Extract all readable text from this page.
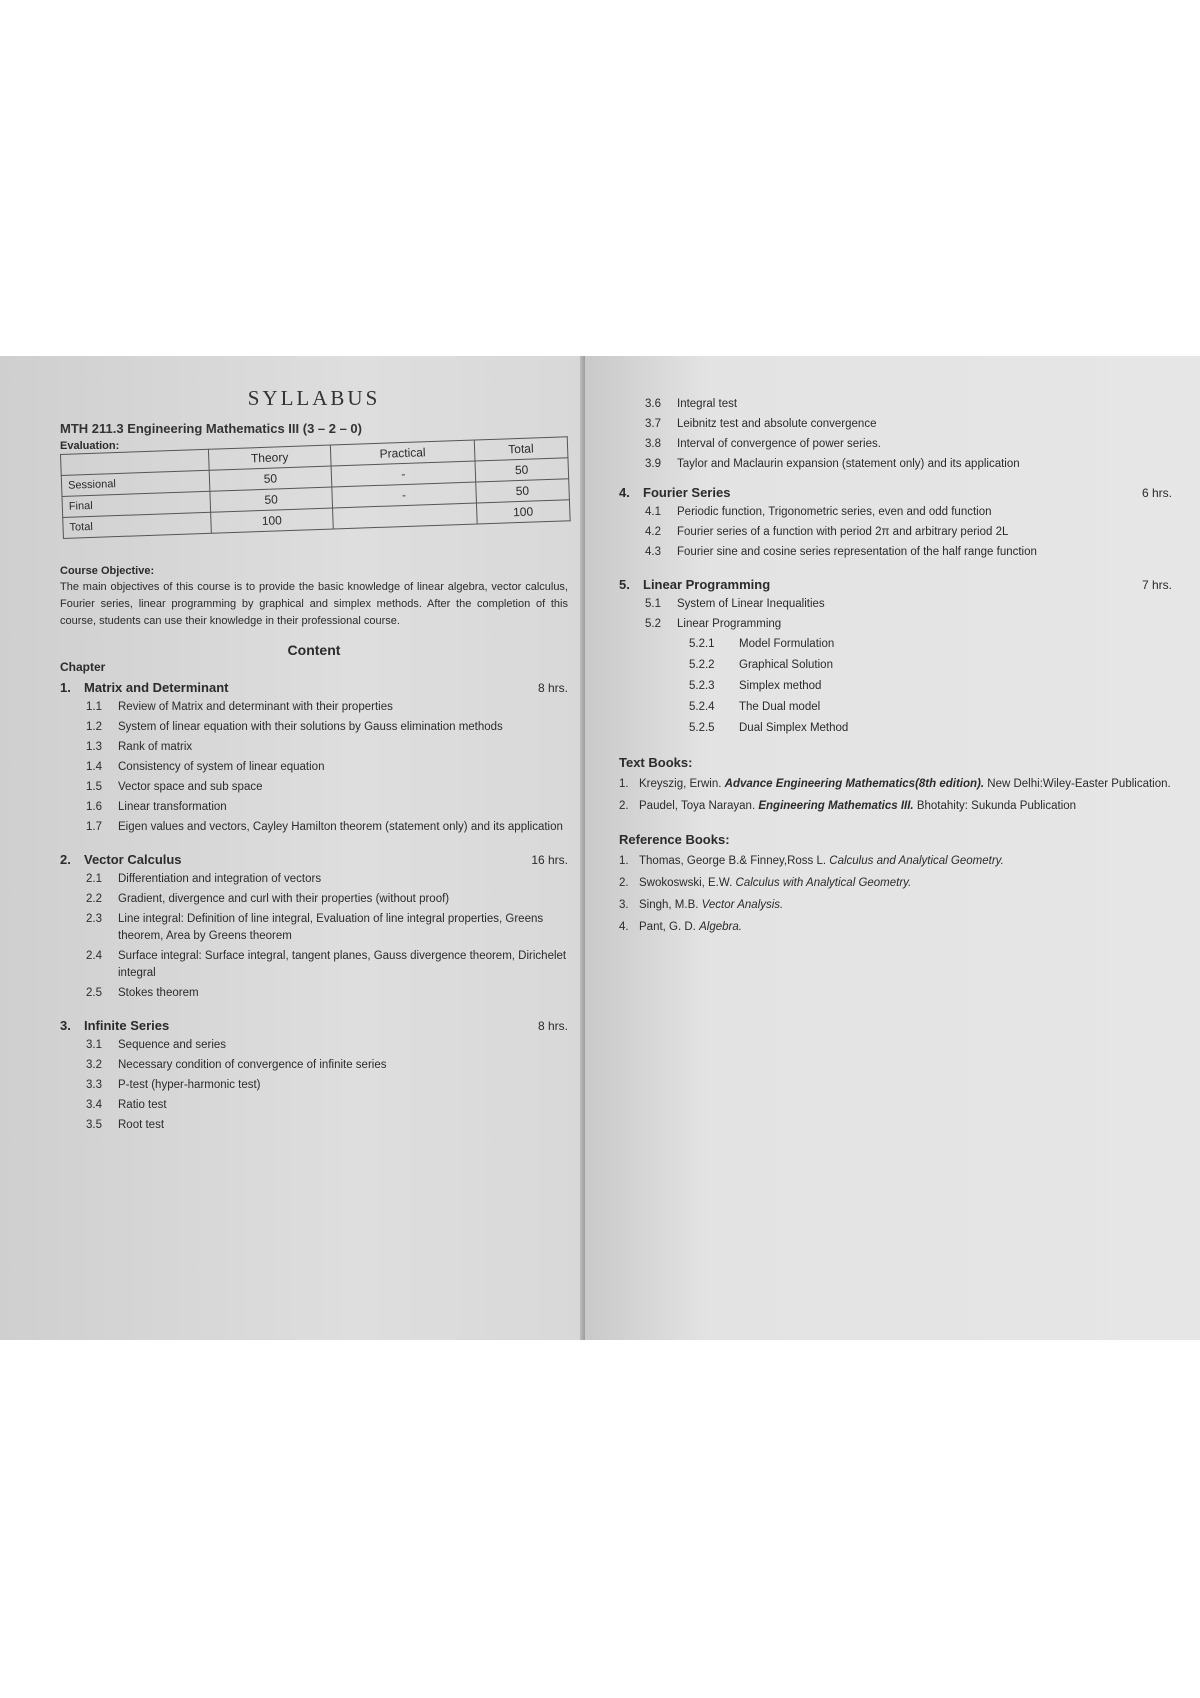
SYLLABUS
MTH 211.3 Engineering Mathematics III (3 – 2 – 0)
Evaluation:
	Theory	Practical	Total
Sessional	50	-	50
Final	50	-	50
Total	100		100
Course Objective:

The main objectives of this course is to provide the basic knowledge of linear algebra, vector calculus, Fourier series, linear programming by graphical and simplex methods. After the completion of this course, students can use their knowledge in their professional course.

Content
Chapter
1. Matrix and Determinant	8 hrs.
1.1	Review of Matrix and determinant with their properties
1.2	System of linear equation with their solutions by Gauss elimination methods
1.3	Rank of matrix
1.4	Consistency of system of linear equation
1.5	Vector space and sub space
1.6	Linear transformation
1.7	Eigen values and vectors, Cayley Hamilton theorem (statement only) and its application
2. Vector Calculus	16 hrs.
2.1	Differentiation and integration of vectors
2.2	Gradient, divergence and curl with their properties (without proof)
2.3	Line integral: Definition of line integral, Evaluation of line integral properties, Greens theorem, Area by Greens theorem
2.4	Surface integral: Surface integral, tangent planes, Gauss divergence theorem, Dirichelet integral
2.5	Stokes theorem
3. Infinite Series	8 hrs.
3.1	Sequence and series
3.2	Necessary condition of convergence of infinite series
3.3	P-test (hyper-harmonic test)
3.4	Ratio test
3.5	Root test
3.6	Integral test
3.7	Leibnitz test and absolute convergence
3.8	Interval of convergence of power series.
3.9	Taylor and Maclaurin expansion (statement only) and its application
4. Fourier Series	6 hrs.
4.1	Periodic function, Trigonometric series, even and odd function
4.2	Fourier series of a function with period 2π and arbitrary period 2L
4.3	Fourier sine and cosine series representation of the half range function
5. Linear Programming	7 hrs.
5.1	System of Linear Inequalities
5.2	Linear Programming
5.2.1	Model Formulation
5.2.2	Graphical Solution
5.2.3	Simplex method
5.2.4	The Dual model
5.2.5	Dual Simplex Method
Text Books:
1. Kreyszig, Erwin. Advance Engineering Mathematics(8th edition). New Delhi:Wiley-Easter Publication.
2. Paudel, Toya Narayan. Engineering Mathematics III. Bhotahity: Sukunda Publication
Reference Books:
1. Thomas, George B.& Finney,Ross L. Calculus and Analytical Geometry.
2. Swokoswski, E.W. Calculus with Analytical Geometry.
3. Singh, M.B. Vector Analysis.
4. Pant, G. D. Algebra.
